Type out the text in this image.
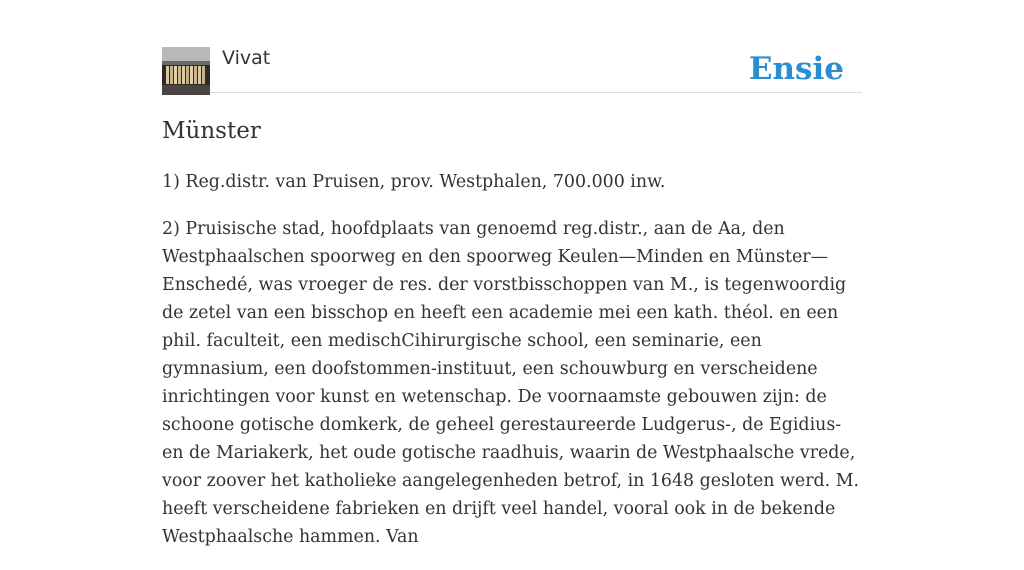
Vivat	Ensie
Münster

1) Reg.distr. van Pruisen, prov. Westphalen, 700.000 inw.

2) Pruisische stad, hoofdplaats van genoemd reg.distr., aan de Aa, den Westphaalschen spoorweg en den spoorweg Keulen—Minden en Münster—Enschedé, was vroeger de res. der vorstbisschoppen van M., is tegenwoordig de zetel van een bisschop en heeft een academie mei een kath. théol. en een phil. faculteit, een medischCihirurgische school, een seminarie, een gymnasium, een doofstommen-instituut, een schouwburg en verscheidene inrichtingen voor kunst en wetenschap. De voornaamste gebouwen zijn: de schoone gotische domkerk, de geheel gerestaureerde Ludgerus-, de Egidius- en de Mariakerk, het oude gotische raadhuis, waarin de Westphaalsche vrede, voor zoover het katholieke aangelegenheden betrof, in 1648 gesloten werd. M. heeft verscheidene fabrieken en drijft veel handel, vooral ook in de bekende Westphaalsche hammen. Van
